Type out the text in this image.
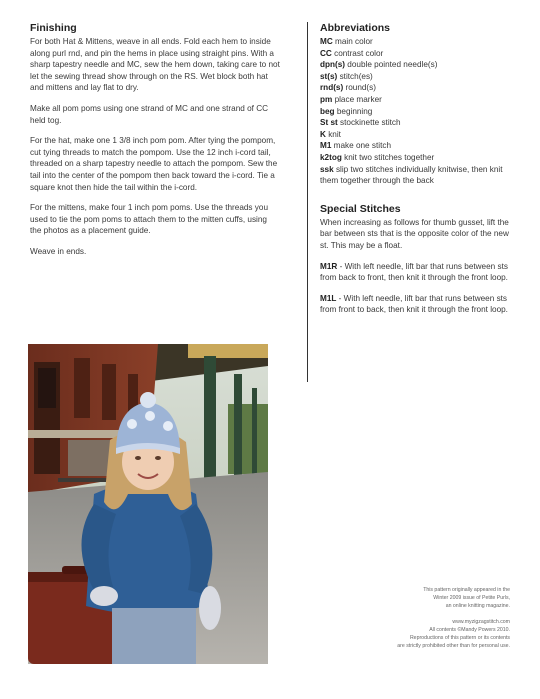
Finishing

For both Hat & Mittens, weave in all ends. Fold each hem to inside along purl rnd, and pin the hems in place using straight pins. With a sharp tapestry needle and MC, sew the hem down, taking care to not let the sewing thread show through on the RS. Wet block both hat and mittens and lay flat to dry.

Make all pom poms using one strand of MC and one strand of CC held tog.

For the hat, make one 1 3/8 inch pom pom. After tying the pompom, cut tying threads to match the pompom. Use the 12 inch i-cord tail, threaded on a sharp tapestry needle to attach the pompom. Sew the tail into the center of the pompom then back toward the i-cord. Tie a square knot then hide the tail within the i-cord.

For the mittens, make four 1 inch pom poms. Use the threads you used to tie the pom poms to attach them to the mitten cuffs, using the photos as a placement guide.

Weave in ends.

Abbreviations
MC main color
CC contrast color
dpn(s) double pointed needle(s)
st(s) stitch(es)
rnd(s) round(s)
pm place marker
beg beginning
St st stockinette stitch
K knit
M1 make one stitch
k2tog knit two stitches together
ssk slip two stitches individually knitwise, then knit them together through the back
Special Stitches
When increasing as follows for thumb gusset, lift the bar between sts that is the opposite color of the new st. This may be a float.
M1R - With left needle, lift bar that runs between sts from back to front, then knit it through the front loop.
M1L - With left needle, lift bar that runs between sts from front to back, then knit it through the front loop.
This pattern originally appeared in the
Winter 2009 issue of Petite Purls,
an online knitting magazine.
www.myzigzagstitch.com
All contents ©Mandy Powers 2010.
Reproductions of this pattern or its contents
are strictly prohibited other than for personal use.
